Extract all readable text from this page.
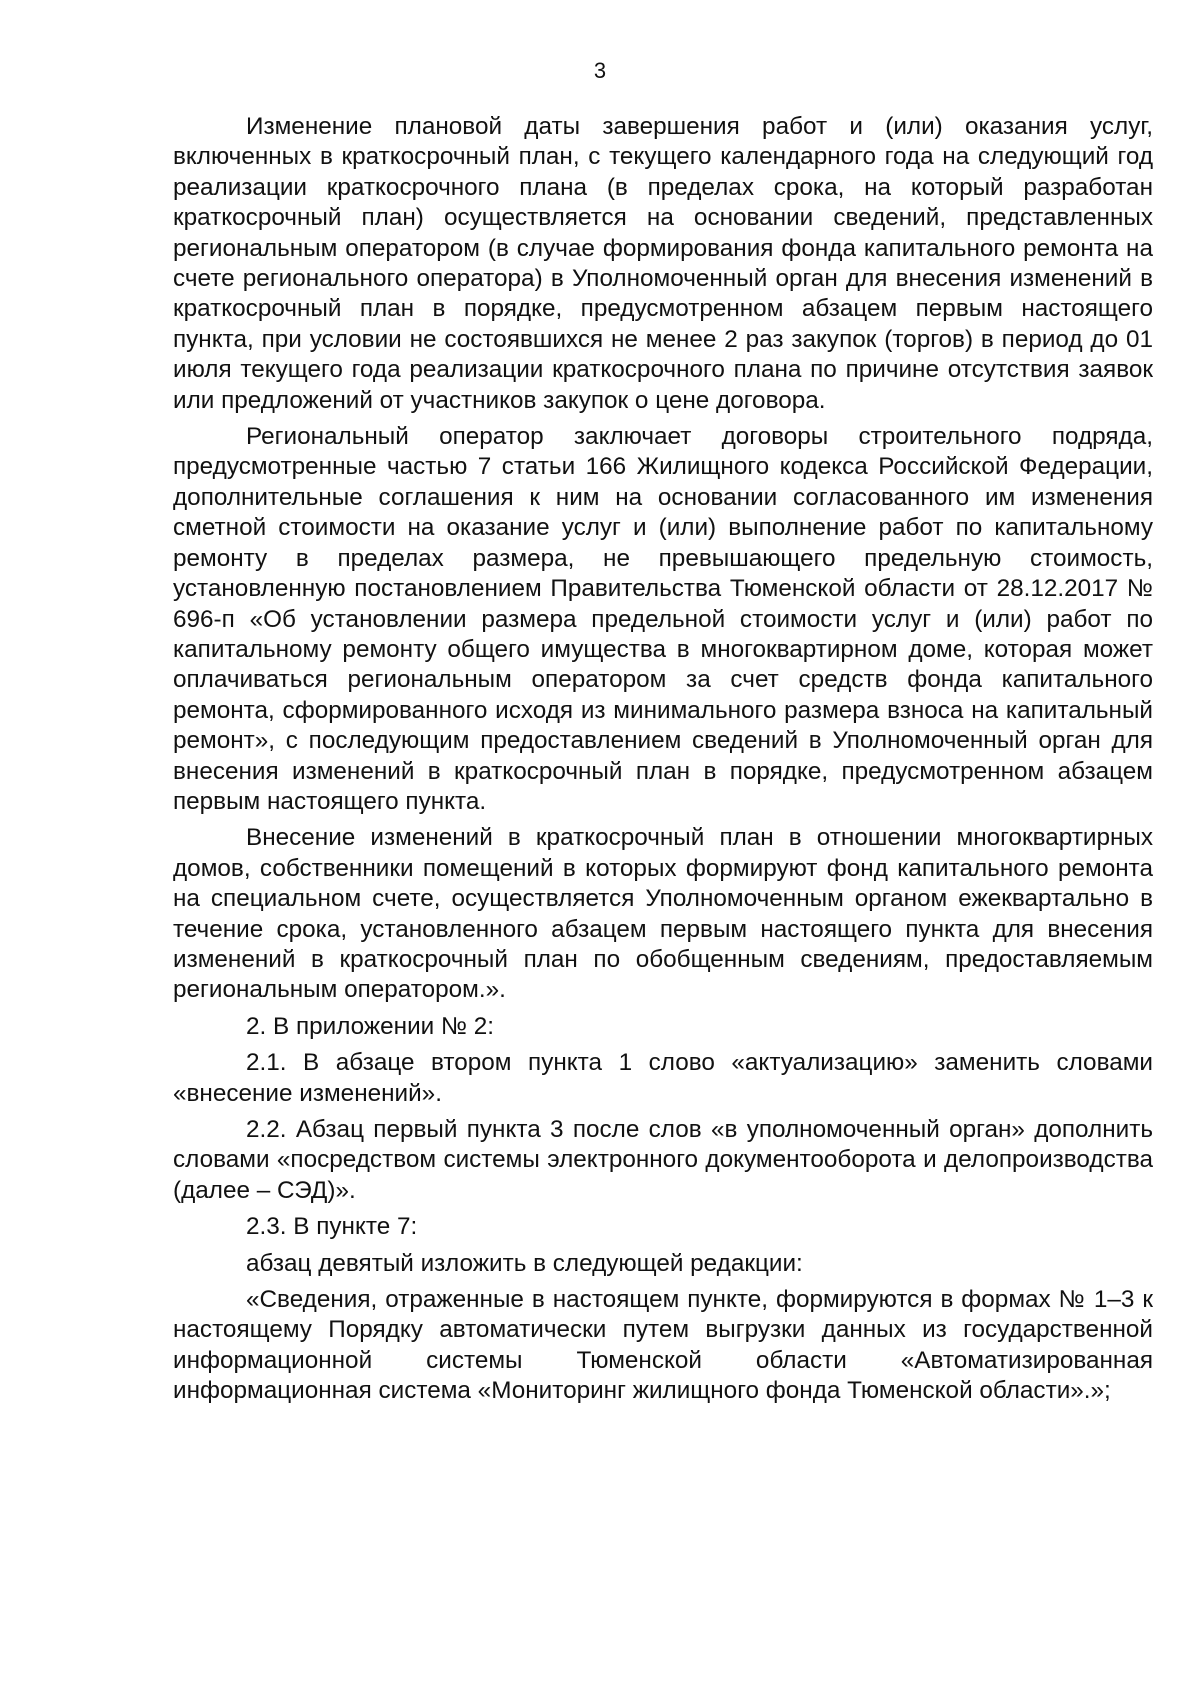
3

Изменение плановой даты завершения работ и (или) оказания услуг, включенных в краткосрочный план, с текущего календарного года на следующий год реализации краткосрочного плана (в пределах срока, на который разработан краткосрочный план) осуществляется на основании сведений, представленных региональным оператором (в случае формирования фонда капитального ремонта на счете регионального оператора) в Уполномоченный орган для внесения изменений в краткосрочный план в порядке, предусмотренном абзацем первым настоящего пункта, при условии не состоявшихся не менее 2 раз закупок (торгов) в период до 01 июля текущего года реализации краткосрочного плана по причине отсутствия заявок или предложений от участников закупок о цене договора.

Региональный оператор заключает договоры строительного подряда, предусмотренные частью 7 статьи 166 Жилищного кодекса Российской Федерации, дополнительные соглашения к ним на основании согласованного им изменения сметной стоимости на оказание услуг и (или) выполнение работ по капитальному ремонту в пределах размера, не превышающего предельную стоимость, установленную постановлением Правительства Тюменской области от 28.12.2017 № 696-п «Об установлении размера предельной стоимости услуг и (или) работ по капитальному ремонту общего имущества в многоквартирном доме, которая может оплачиваться региональным оператором за счет средств фонда капитального ремонта, сформированного исходя из минимального размера взноса на капитальный ремонт», с последующим предоставлением сведений в Уполномоченный орган для внесения изменений в краткосрочный план в порядке, предусмотренном абзацем первым настоящего пункта.

Внесение изменений в краткосрочный план в отношении многоквартирных домов, собственники помещений в которых формируют фонд капитального ремонта на специальном счете, осуществляется Уполномоченным органом ежеквартально в течение срока, установленного абзацем первым настоящего пункта для внесения изменений в краткосрочный план по обобщенным сведениям, предоставляемым региональным оператором.».

2. В приложении № 2:

2.1. В абзаце втором пункта 1 слово «актуализацию» заменить словами «внесение изменений».

2.2. Абзац первый пункта 3 после слов «в уполномоченный орган» дополнить словами «посредством системы электронного документооборота и делопроизводства (далее – СЭД)».

2.3. В пункте 7:

абзац девятый изложить в следующей редакции:

«Сведения, отраженные в настоящем пункте, формируются в формах № 1–3 к настоящему Порядку автоматически путем выгрузки данных из государственной информационной системы Тюменской области «Автоматизированная информационная система «Мониторинг жилищного фонда Тюменской области».»;
